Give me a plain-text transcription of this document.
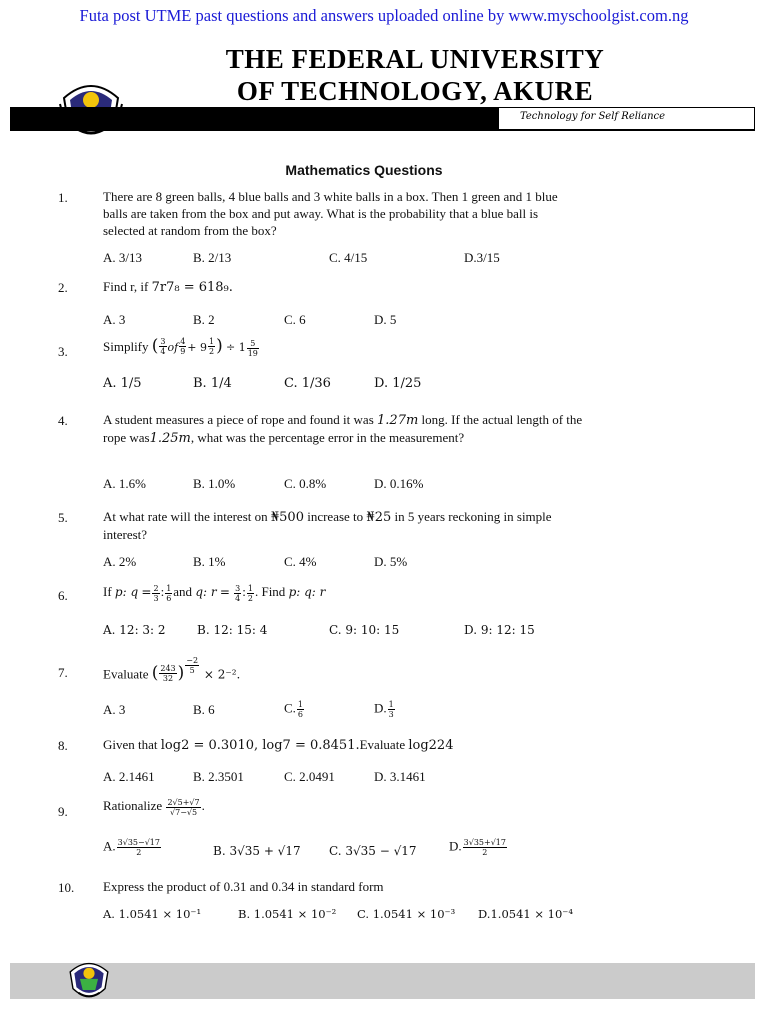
Futa post UTME past questions and answers uploaded online by www.myschoolgist.com.ng
THE FEDERAL UNIVERSITY
OF TECHNOLOGY, AKURE
Technology for Self Reliance
Mathematics Questions
1.	There are 8 green balls, 4 blue balls and 3 white balls in a box. Then 1 green and 1 blue balls are taken from the box and put away. What is the probability that a blue ball is selected at random from the box?
A. 3/13	B. 2/13	C. 4/15	D.3/15
2.	Find r, if 7r7₈ = 618₉.
A. 3	B. 2	C. 6	D. 5
3.	Simplify ( $\frac{3}{4}$ of $\frac{4}{9} + 9 \frac{1}{2}$ ) ÷ $1 \frac{5}{19}$
A. 1/5	B. 1/4	C. 1/36	D. 1/25
4.	A student measures a piece of rope and found it was 1.27m long. If the actual length of the rope was1.25m, what was the percentage error in the measurement?
A. 1.6%	B. 1.0%	C. 0.8%	D. 0.16%
5.	At what rate will the interest on ₦500 increase to ₦25 in 5 years reckoning in simple interest?
A. 2%	B. 1%	C. 4%	D. 5%
6.	If p: $q = \frac{2}{3}$ : $\frac{1}{6}$ and q: $r = \frac{3}{4}$ : $\frac{1}{2}$ . Find p: q: r
A. 12: 3: 2	B. 12: 15: 4	C. 9: 10: 15	D. 9: 12: 15
7.	Evaluate ( $\frac{243}{32}$ ) $^{\frac{-2}{5}}$ × 2⁻².
A. 3	B. 6	C. $\frac{1}{6}$	D. $\frac{1}{3}$
8.	Given that log2 = 0.3010, log7 = 0.8451.Evaluate log224
A. 2.1461	B. 2.3501	C. 2.0491	D. 3.1461
9.	Rationalize $\frac{2√5+√7}{√7-√5}$ .
A. $\frac{3√35-√17}{2}$	B. 3√35 + √17 C. 3√35 − √17 D. $\frac{3√35+√17}{2}$
10. Express the product of 0.31 and 0.34 in standard form
A. 1.0541 × 10⁻¹	B. 1.0541 × 10⁻² C. 1.0541 × 10⁻³ D.1.0541 × 10⁻⁴
